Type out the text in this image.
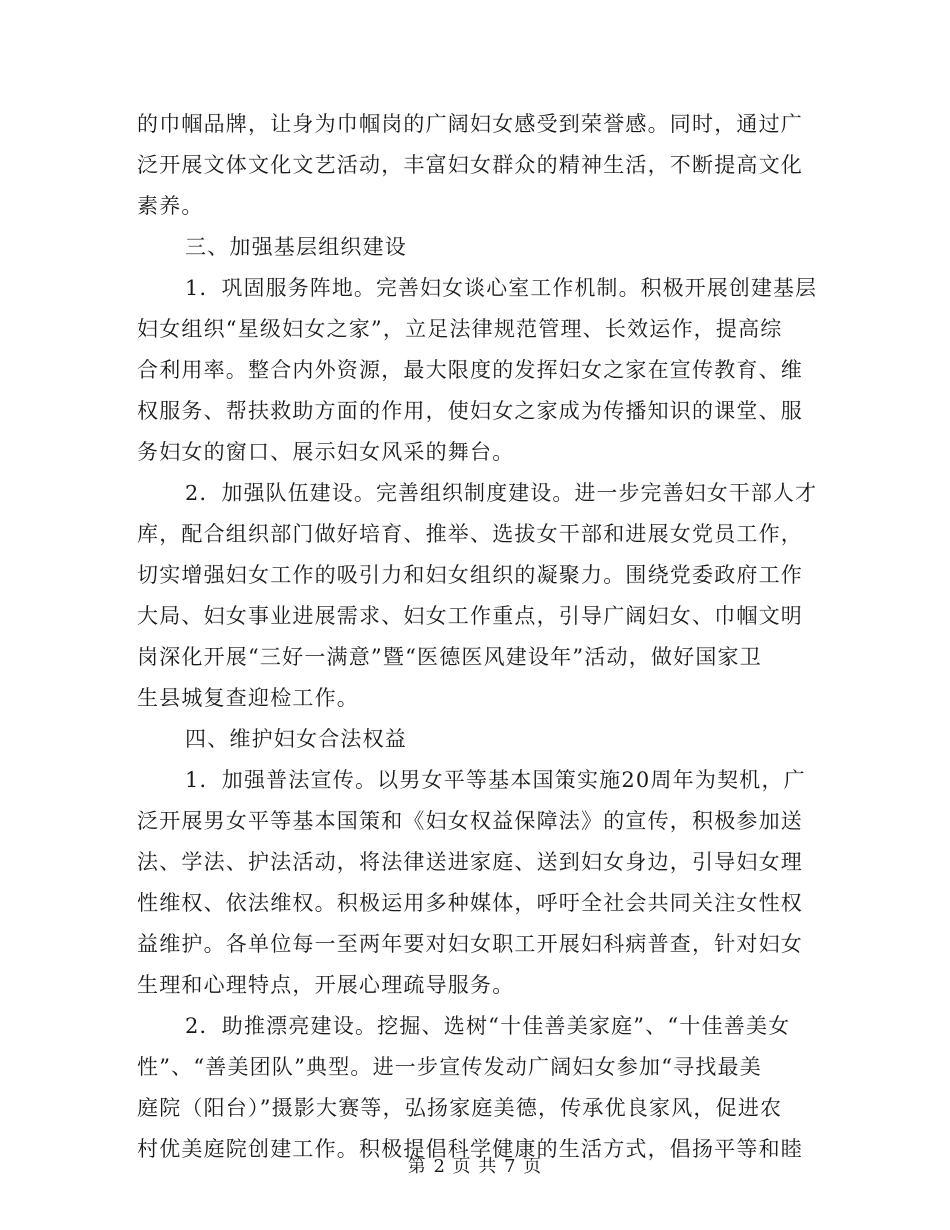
的巾帼品牌，让身为巾帼岗的广阔妇女感受到荣誉感。同时，通过广
泛开展文体文化文艺活动，丰富妇女群众的精神生活，不断提高文化
素养。
三、加强基层组织建设
1．巩固服务阵地。完善妇女谈心室工作机制。积极开展创建基层
妇女组织“星级妇女之家”，立足法律规范管理、长效运作，提高综
合利用率。整合内外资源，最大限度的发挥妇女之家在宣传教育、维
权服务、帮扶救助方面的作用，使妇女之家成为传播知识的课堂、服
务妇女的窗口、展示妇女风采的舞台。
2．加强队伍建设。完善组织制度建设。进一步完善妇女干部人才
库，配合组织部门做好培育、推举、选拔女干部和进展女党员工作，
切实增强妇女工作的吸引力和妇女组织的凝聚力。围绕党委政府工作
大局、妇女事业进展需求、妇女工作重点，引导广阔妇女、巾帼文明
岗深化开展“三好一满意”暨“医德医风建设年”活动，做好国家卫
生县城复查迎检工作。
四、维护妇女合法权益
1．加强普法宣传。以男女平等基本国策实施20周年为契机，广
泛开展男女平等基本国策和《妇女权益保障法》的宣传，积极参加送
法、学法、护法活动，将法律送进家庭、送到妇女身边，引导妇女理
性维权、依法维权。积极运用多种媒体，呼吁全社会共同关注女性权
益维护。各单位每一至两年要对妇女职工开展妇科病普查，针对妇女
生理和心理特点，开展心理疏导服务。
2．助推漂亮建设。挖掘、选树“十佳善美家庭”、“十佳善美女
性”、“善美团队”典型。进一步宣传发动广阔妇女参加“寻找最美
庭院（阳台）”摄影大赛等，弘扬家庭美德，传承优良家风，促进农
村优美庭院创建工作。积极提倡科学健康的生活方式，倡扬平等和睦
第 2 页 共 7 页
